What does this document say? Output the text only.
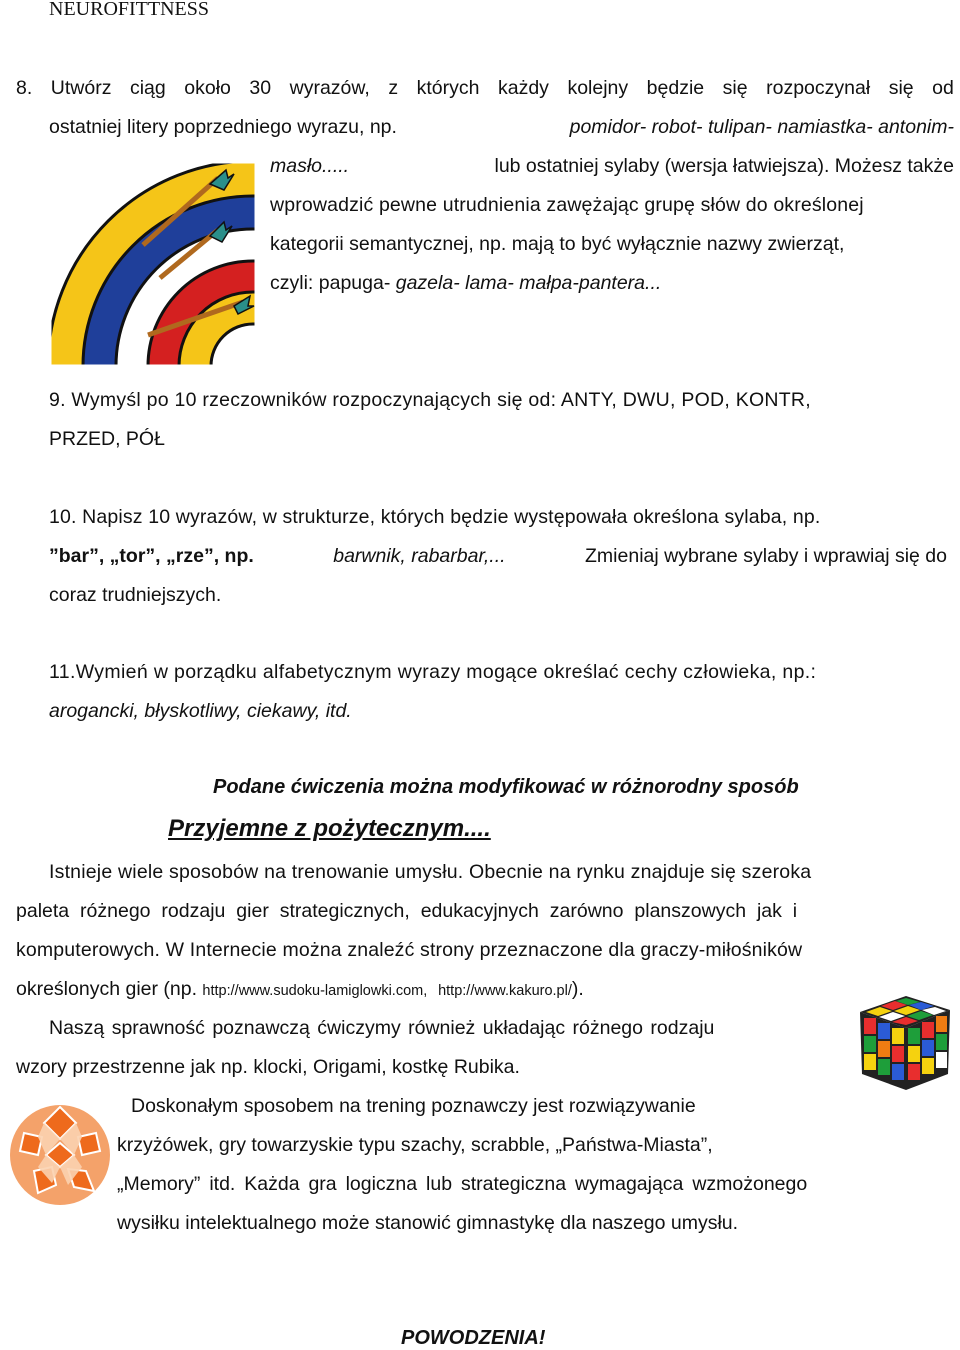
NEUROFITTNESS
8. Utwórz ciąg około 30 wyrazów, z których każdy kolejny będzie się rozpoczynał się od
ostatniej litery poprzedniego wyrazu, np.	pomidor- robot- tulipan- namiastka- antonim-
masło.....	lub ostatniej sylaby (wersja łatwiejsza). Możesz także
wprowadzić pewne utrudnienia zawężając grupę słów do określonej
kategorii semantycznej, np. mają to być wyłącznie nazwy zwierząt,
czyli: papuga- gazela- lama- małpa-pantera...
9. Wymyśl po 10 rzeczowników rozpoczynających się od: ANTY, DWU, POD, KONTR,
PRZED, PÓŁ
10. Napisz 10 wyrazów, w strukturze, których będzie występowała określona sylaba, np.
”bar”, „tor”, „rze”, np.	barwnik, rabarbar,...	Zmieniaj wybrane sylaby i wprawiaj się do
coraz trudniejszych.
11.Wymień w porządku alfabetycznym wyrazy mogące określać cechy człowieka, np.:
arogancki, błyskotliwy, ciekawy, itd.
Podane ćwiczenia można modyfikować w różnorodny sposób
Przyjemne z pożytecznym....
Istnieje wiele sposobów na trenowanie umysłu. Obecnie na rynku znajduje się szeroka
paleta różnego rodzaju gier strategicznych, edukacyjnych zarówno planszowych jak i
komputerowych. W Internecie można znaleźć strony przeznaczone dla graczy-miłośników
określonych gier (np. http://www.sudoku-lamiglowki.com, http://www.kakuro.pl/).
Naszą sprawność poznawczą ćwiczymy również układając różnego rodzaju
wzory przestrzenne jak np. klocki, Origami, kostkę Rubika.
Doskonałym sposobem na trening poznawczy jest rozwiązywanie
krzyżówek, gry towarzyskie typu szachy, scrabble, „Państwa-Miasta”,
„Memory” itd. Każda gra logiczna lub strategiczna wymagająca wzmożonego
wysiłku intelektualnego może stanowić gimnastykę dla naszego umysłu.
POWODZENIA!
